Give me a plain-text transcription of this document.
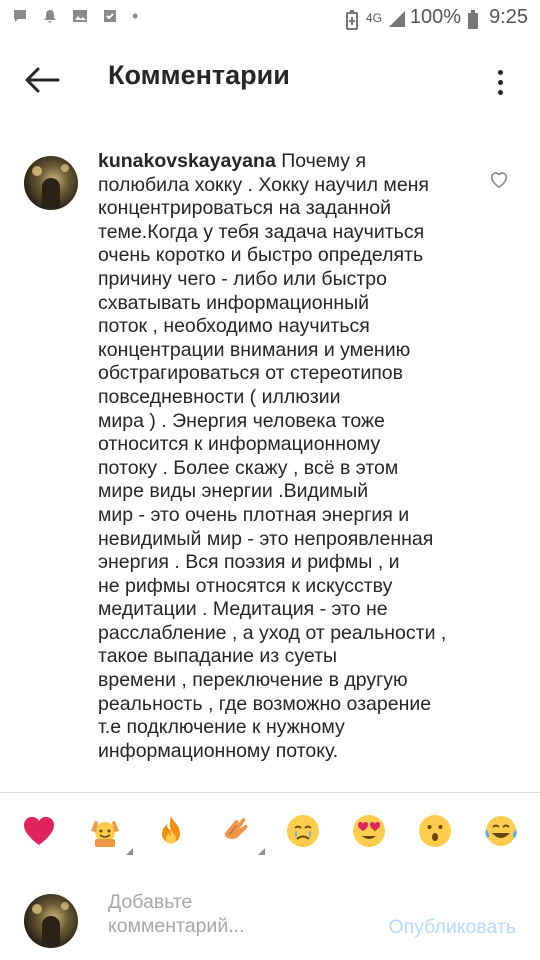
•	4G 100% 9:25
Комментарии
kunakovskayayana Почему я
полюбила хокку . Хокку научил меня
концентрироваться на заданной
теме.Когда у тебя задача научиться
очень коротко и быстро определять
причину чего - либо или быстро
схватывать информационный
поток , необходимо научиться
концентрации внимания и умению
обстрагироваться от стереотипов
повседневности ( иллюзии
мира ) . Энергия человека тоже
относится к информационному
потоку . Более скажу , всё в этом
мире виды энергии .Видимый
мир - это очень плотная энергия и
невидимый мир - это непроявленная
энергия . Вся поэзия и рифмы , и
не рифмы относятся к искусству
медитации . Медитация - это не
расслабление , а уход от реальности ,
такое выпадание из суеты
времени , переключение в другую
реальность , где возможно озарение
т.е подключение к нужному
информационному потоку.
Добавьте
комментарий...	Опубликовать
